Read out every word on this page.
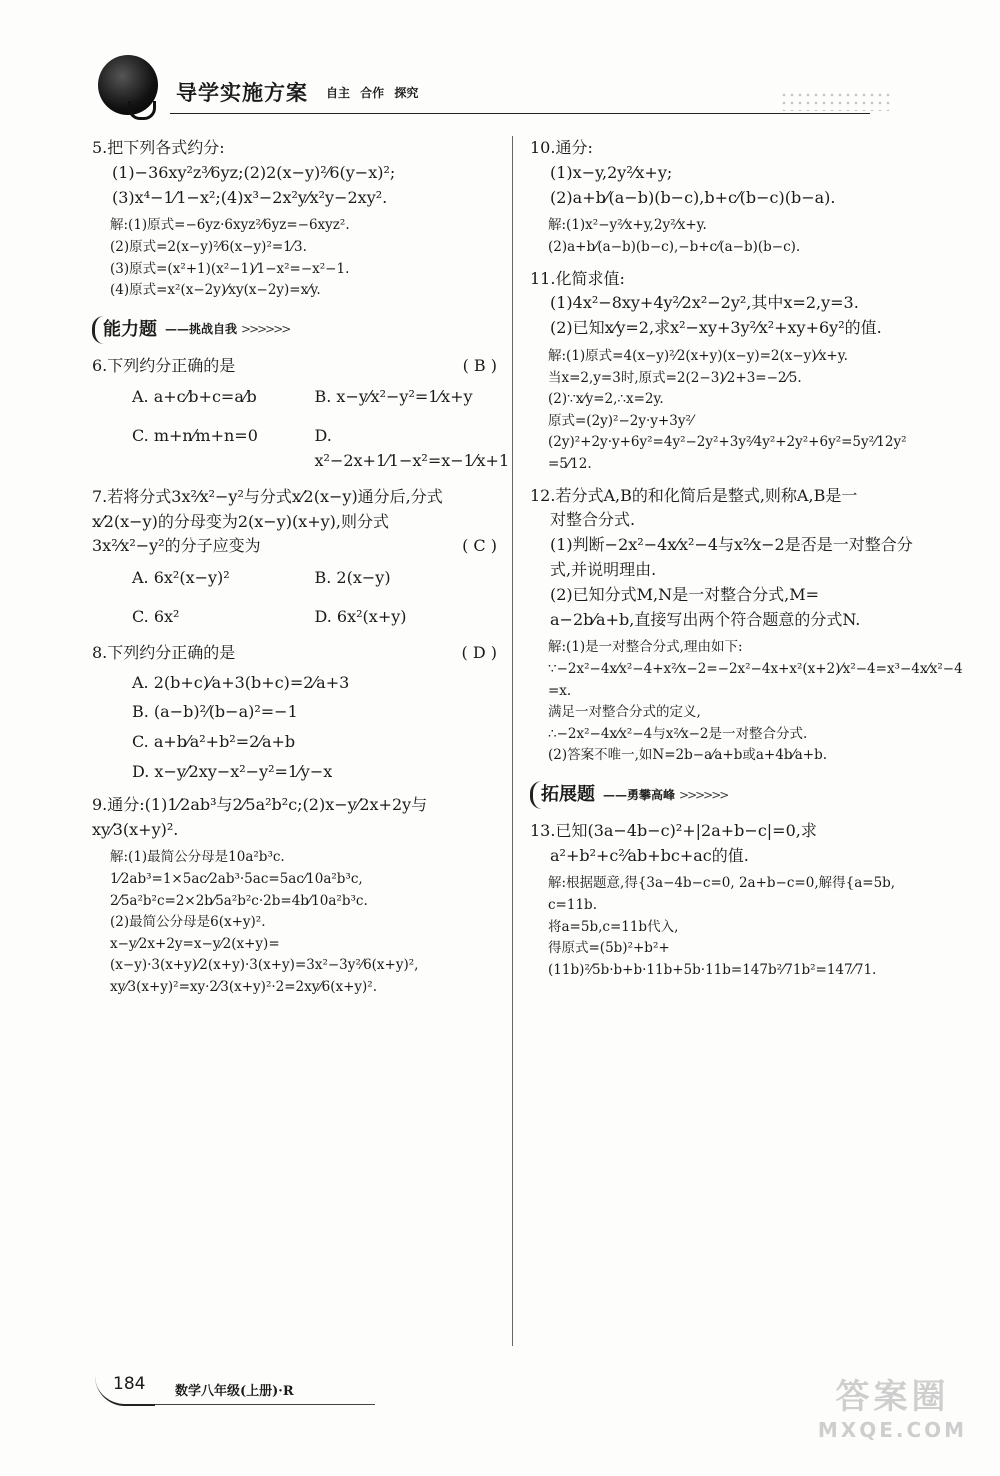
导学实施方案 自主 合作 探究
5.把下列各式约分:
(1)−36xy²z³⁄6yz;(2)2(x−y)²⁄6(y−x)²;
(3)x⁴−1⁄1−x²;(4)x³−2x²y⁄x²y−2xy².
解:(1)原式=−6yz·6xyz²⁄6yz=−6xyz².
(2)原式=2(x−y)²⁄6(x−y)²=1⁄3.
(3)原式=(x²+1)(x²−1)⁄1−x²=−x²−1.
(4)原式=x²(x−2y)⁄xy(x−2y)=x⁄y.
能力题 ——挑战自我 >>>>>>
6.下列约分正确的是	( B )
A. a+c⁄b+c=a⁄b	B. x−y⁄x²−y²=1⁄x+y
C. m+n⁄m+n=0	D. x²−2x+1⁄1−x²=x−1⁄x+1
7.若将分式3x²⁄x²−y²与分式x⁄2(x−y)通分后,分式
x⁄2(x−y)的分母变为2(x−y)(x+y),则分式
3x²⁄x²−y²的分子应变为	( C )
A. 6x²(x−y)²	B. 2(x−y)
C. 6x²	D. 6x²(x+y)
8.下列约分正确的是	( D )
A. 2(b+c)⁄a+3(b+c)=2⁄a+3
B. (a−b)²⁄(b−a)²=−1
C. a+b⁄a²+b²=2⁄a+b
D. x−y⁄2xy−x²−y²=1⁄y−x
9.通分:(1)1⁄2ab³与2⁄5a²b²c;(2)x−y⁄2x+2y与xy⁄3(x+y)².
解:(1)最简公分母是10a²b³c.
1⁄2ab³=1×5ac⁄2ab³·5ac=5ac⁄10a²b³c,
2⁄5a²b²c=2×2b⁄5a²b²c·2b=4b⁄10a²b³c.
(2)最简公分母是6(x+y)².
x−y⁄2x+2y=x−y⁄2(x+y)=(x−y)·3(x+y)⁄2(x+y)·3(x+y)=3x²−3y²⁄6(x+y)²,
xy⁄3(x+y)²=xy·2⁄3(x+y)²·2=2xy⁄6(x+y)².
10.通分:
(1)x−y,2y²⁄x+y;
(2)a+b⁄(a−b)(b−c),b+c⁄(b−c)(b−a).
解:(1)x²−y²⁄x+y,2y²⁄x+y.
(2)a+b⁄(a−b)(b−c),−b+c⁄(a−b)(b−c).
11.化简求值:
(1)4x²−8xy+4y²⁄2x²−2y²,其中x=2,y=3.
(2)已知x⁄y=2,求x²−xy+3y²⁄x²+xy+6y²的值.
解:(1)原式=4(x−y)²⁄2(x+y)(x−y)=2(x−y)⁄x+y.
当x=2,y=3时,原式=2(2−3)⁄2+3=−2⁄5.
(2)∵x⁄y=2,∴x=2y.
原式=(2y)²−2y·y+3y²⁄(2y)²+2y·y+6y²=4y²−2y²+3y²⁄4y²+2y²+6y²=5y²⁄12y²
=5⁄12.
12.若分式A,B的和化简后是整式,则称A,B是一
对整合分式.
(1)判断−2x²−4x⁄x²−4与x²⁄x−2是否是一对整合分
式,并说明理由.
(2)已知分式M,N是一对整合分式,M=
a−2b⁄a+b,直接写出两个符合题意的分式N.
解:(1)是一对整合分式,理由如下:
∵−2x²−4x⁄x²−4+x²⁄x−2=−2x²−4x+x²(x+2)⁄x²−4=x³−4x⁄x²−4
=x.
满足一对整合分式的定义,
∴−2x²−4x⁄x²−4与x²⁄x−2是一对整合分式.
(2)答案不唯一,如N=2b−a⁄a+b或a+4b⁄a+b.
拓展题 ——勇攀高峰 >>>>>>
13.已知(3a−4b−c)²+|2a+b−c|=0,求
a²+b²+c²⁄ab+bc+ac的值.
解:根据题意,得{3a−4b−c=0, 2a+b−c=0,解得{a=5b, c=11b.
将a=5b,c=11b代入,
得原式=(5b)²+b²+(11b)²⁄5b·b+b·11b+5b·11b=147b²⁄71b²=147⁄71.
184	数学八年级(上册)·R	答案圈
MXQE.COM
